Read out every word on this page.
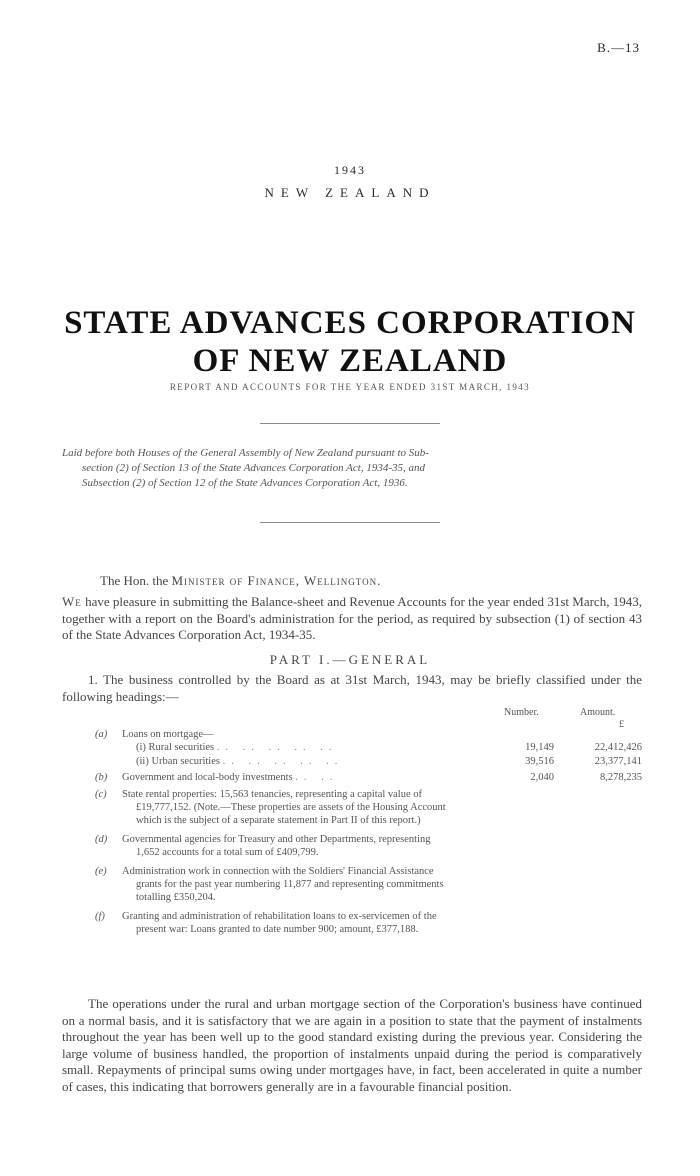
B.—13
1943
NEW ZEALAND
STATE ADVANCES CORPORATION
OF NEW ZEALAND
REPORT AND ACCOUNTS FOR THE YEAR ENDED 31ST MARCH, 1943

Laid before both Houses of the General Assembly of New Zealand pursuant to Sub-

section (2) of Section 13 of the State Advances Corporation Act, 1934-35, and

Subsection (2) of Section 12 of the State Advances Corporation Act, 1936.

The Hon. the Minister of Finance, Wellington.
We have pleasure in submitting the Balance-sheet and Revenue Accounts for the year ended 31st March, 1943, together with a report on the Board's administration for the period, as required by subsection (1) of section 43 of the State Advances Corporation Act, 1934-35.
PART I.—GENERAL
1. The business controlled by the Board as at 31st March, 1943, may be briefly classified under the following headings:—
Number.	Amount.
£
(a) Loans on mortgage—
(i) Rural securities .. .. .. .. ..	19,149	22,412,426
(ii) Urban securities .. .. .. .. ..	39,516	23,377,141
(b) Government and local-body investments .. ..	2,040	8,278,235
(c) State rental properties: 15,563 tenancies, representing a capital value of
£19,777,152. (Note.—These properties are assets of the Housing Account
which is the subject of a separate statement in Part II of this report.)
(d) Governmental agencies for Treasury and other Departments, representing
1,652 accounts for a total sum of £409,799.
(e) Administration work in connection with the Soldiers' Financial Assistance
grants for the past year numbering 11,877 and representing commitments
totalling £350,204.
(f) Granting and administration of rehabilitation loans to ex-servicemen of the
present war: Loans granted to date number 900; amount, £377,188.
The operations under the rural and urban mortgage section of the Corporation's business have continued on a normal basis, and it is satisfactory that we are again in a position to state that the payment of instalments throughout the year has been well up to the good standard existing during the previous year. Considering the large volume of business handled, the proportion of instalments unpaid during the period is comparatively small. Repayments of principal sums owing under mortgages have, in fact, been accelerated in quite a number of cases, this indicating that borrowers generally are in a favourable financial position.
